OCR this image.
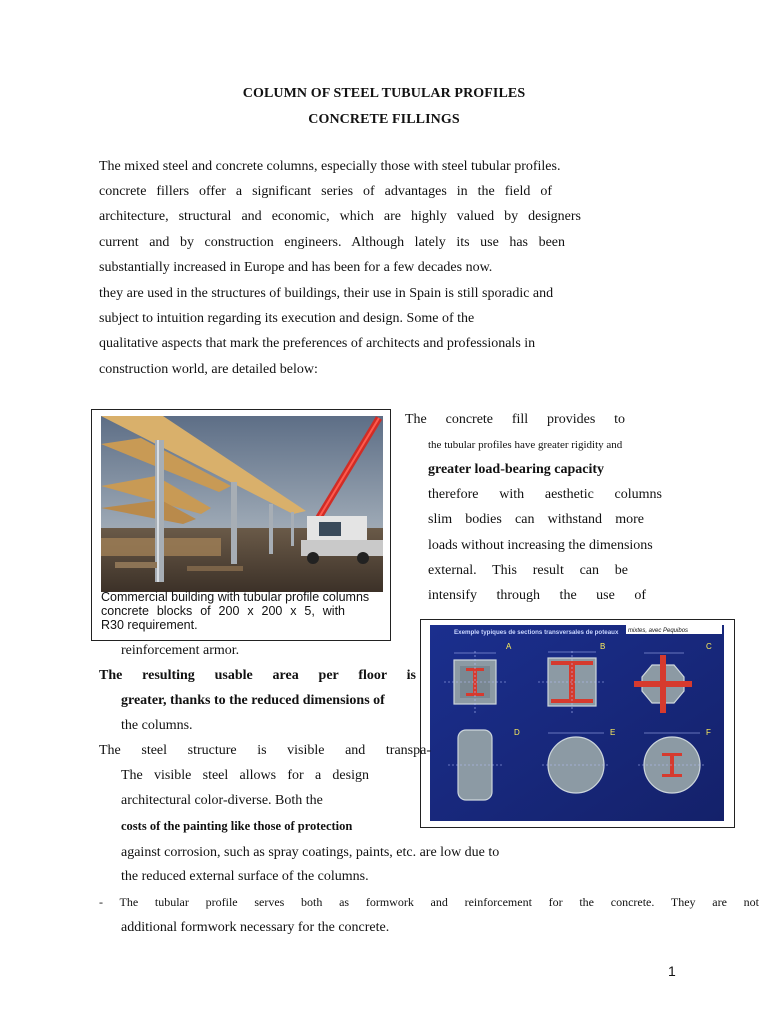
COLUMN OF STEEL TUBULAR PROFILES
CONCRETE FILLINGS
The mixed steel and concrete columns, especially those with steel tubular profiles.
concrete fillers offer a significant series of advantages in the field of
architecture, structural and economic, which are highly valued by designers
current and by construction engineers. Although lately its use has been
substantially increased in Europe and has been for a few decades now.
they are used in the structures of buildings, their use in Spain is still sporadic and
subject to intuition regarding its execution and design. Some of the
qualitative aspects that mark the preferences of architects and professionals in
construction world, are detailed below:
Commercial building with tubular profile columns
concrete blocks of 200 x 200 x 5, with
R30 requirement.
The concrete fill provides to
the tubular profiles have greater rigidity and
greater load-bearing capacity
therefore with aesthetic columns
slim bodies can withstand more
loads without increasing the dimensions
external. This result can be
intensify through the use of
reinforcement armor.
Exemple typiques de sections transversales de poteaux mixtes, avec Pequibos
A	B	C
D	E	F
The resulting usable area per floor is
greater, thanks to the reduced dimensions of
the columns.
The steel structure is visible and transpa-
The visible steel allows for a design
architectural color-diverse. Both the
costs of the painting like those of protection
against corrosion, such as spray coatings, paints, etc. are low due to
the reduced external surface of the columns.
- The tubular profile serves both as formwork and reinforcement for the concrete. They are not
additional formwork necessary for the concrete.
1
